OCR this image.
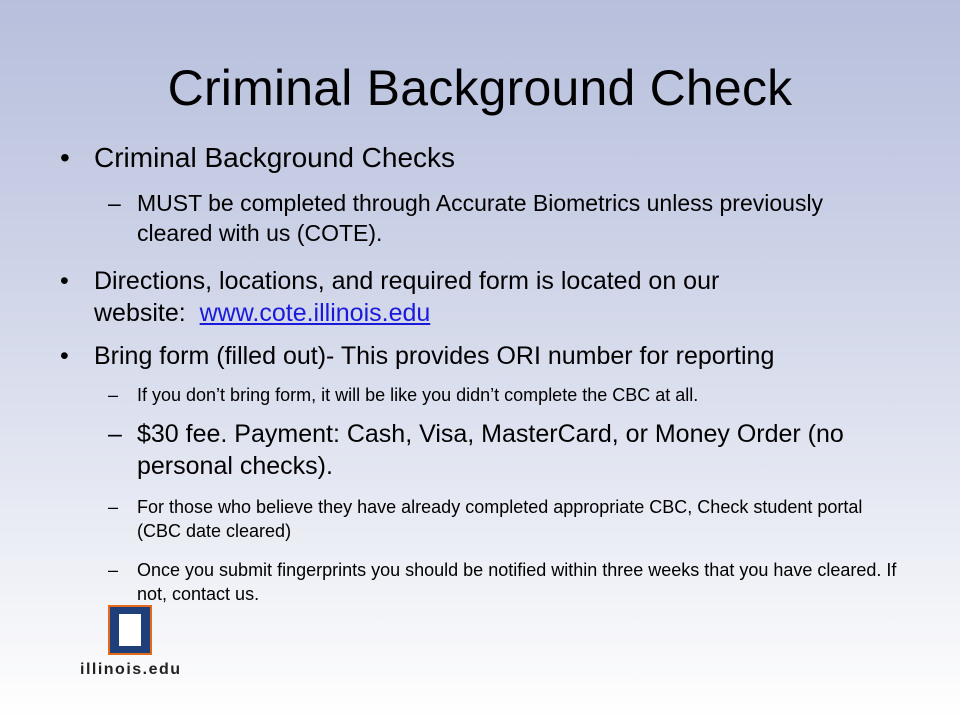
Criminal Background Check
• Criminal Background Checks
– MUST be completed through Accurate Biometrics unless previously cleared with us (COTE).
• Directions, locations, and required form is located on our website: www.cote.illinois.edu
• Bring form (filled out)- This provides ORI number for reporting
– If you don’t bring form, it will be like you didn’t complete the CBC at all.
– $30 fee. Payment: Cash, Visa, MasterCard, or Money Order (no personal checks).
– For those who believe they have already completed appropriate CBC, Check student portal (CBC date cleared)
– Once you submit fingerprints you should be notified within three weeks that you have cleared. If not, contact us.
illinois.edu
